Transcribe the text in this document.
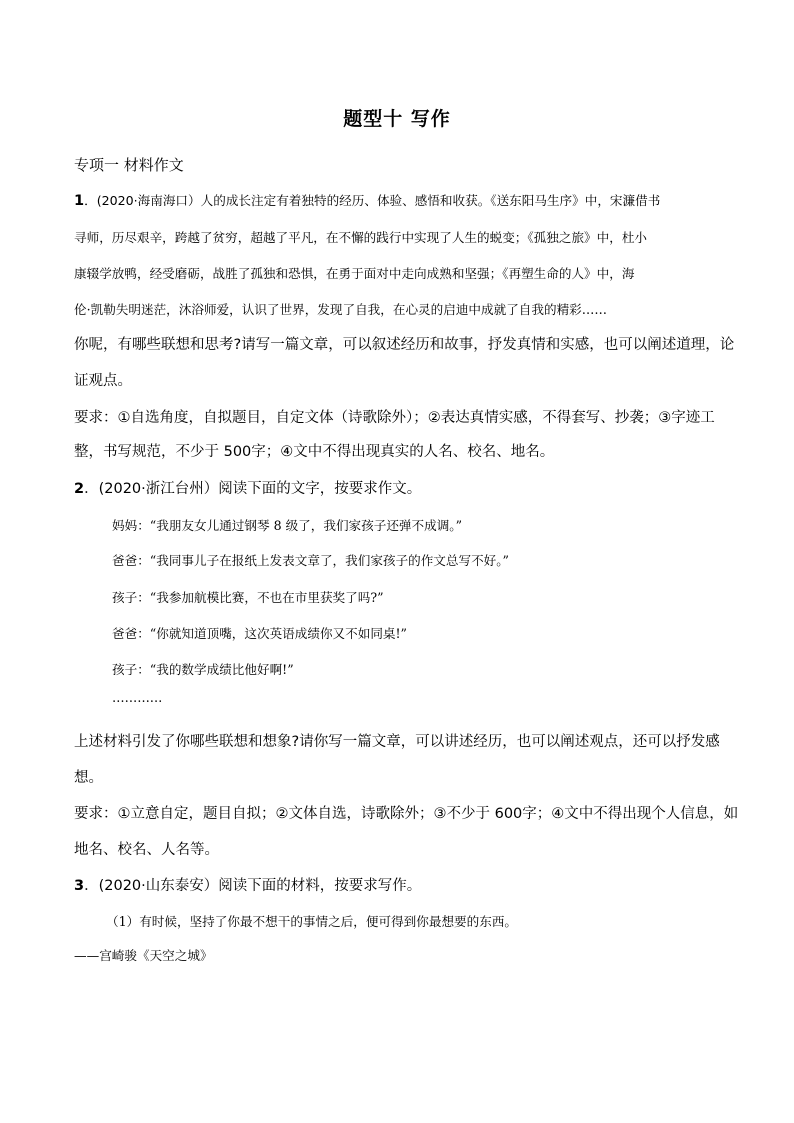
题型十 写作
专项一 材料作文
1．(2020·海南海口）人的成长注定有着独特的经历、体验、感悟和收获。《送东阳马生序》中，宋濂借书
寻师，历尽艰辛，跨越了贫穷，超越了平凡，在不懈的践行中实现了人生的蜕变；《孤独之旅》中，杜小
康辍学放鸭，经受磨砺，战胜了孤独和恐惧，在勇于面对中走向成熟和坚强；《再塑生命的人》中，海
伦·凯勒失明迷茫，沐浴师爱，认识了世界，发现了自我，在心灵的启迪中成就了自我的精彩……
你呢，有哪些联想和思考?请写一篇文章，可以叙述经历和故事，抒发真情和实感，也可以阐述道理，论
证观点。
要求：①自选角度，自拟题目，自定文体（诗歌除外）；②表达真情实感，不得套写、抄袭；③字迹工
整，书写规范，不少于 500字；④文中不得出现真实的人名、校名、地名。
2．(2020·浙江台州）阅读下面的文字，按要求作文。
妈妈：“我朋友女儿通过钢琴 8 级了，我们家孩子还弹不成调。”
爸爸：“我同事儿子在报纸上发表文章了，我们家孩子的作文总写不好。”
孩子：“我参加航模比赛，不也在市里获奖了吗?”
爸爸：“你就知道顶嘴，这次英语成绩你又不如同桌!”
孩子：“我的数学成绩比他好啊!”
…………
上述材料引发了你哪些联想和想象?请你写一篇文章，可以讲述经历，也可以阐述观点，还可以抒发感
想。
要求：①立意自定，题目自拟；②文体自选，诗歌除外；③不少于 600字；④文中不得出现个人信息，如
地名、校名、人名等。
3．(2020·山东泰安）阅读下面的材料，按要求写作。
（1）有时候，坚持了你最不想干的事情之后，便可得到你最想要的东西。
——宫崎骏《天空之城》
